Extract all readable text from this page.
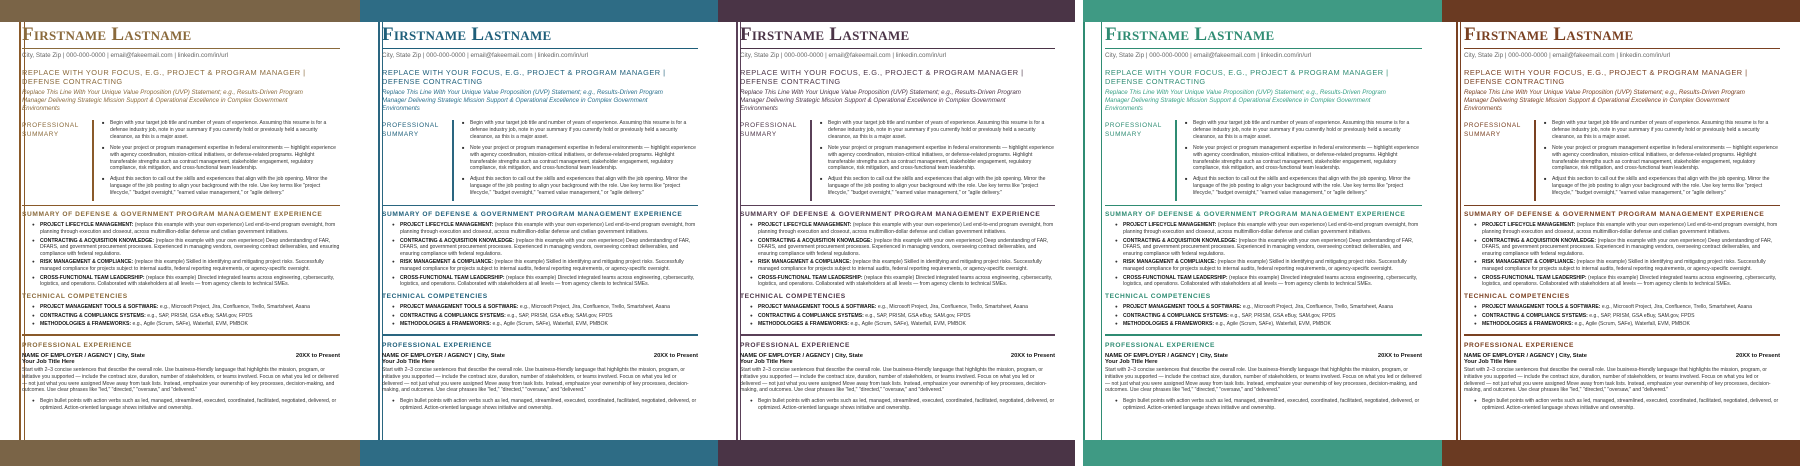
Firstname Lastname
City, State Zip | 000-000-0000 | email@fakeemail.com | linkedin.com/in/url
REPLACE WITH YOUR FOCUS, E.G., PROJECT & PROGRAM MANAGER | DEFENSE CONTRACTING
Replace This Line With Your Unique Value Proposition (UVP) Statement; e.g., Results-Driven Program Manager Delivering Strategic Mission Support & Operational Excellence in Complex Government Environments
PROFESSIONAL SUMMARY
■ Begin with your target job title and number of years of experience. Assuming this resume is for a defense industry job, note in your summary if you currently hold or previously held a security clearance, as this is a major asset.
■ Note your project or program management expertise in federal environments — highlight experience with agency coordination, mission-critical initiatives, or defense-related programs. Highlight transferable strengths such as contract management, stakeholder engagement, regulatory compliance, risk mitigation, and cross-functional team leadership.
■ Adjust this section to call out the skills and experiences that align with the job opening. Mirror the language of the job posting to align your background with the role. Use key terms like "project lifecycle," "budget oversight," "earned value management," or "agile delivery."
SUMMARY OF DEFENSE & GOVERNMENT PROGRAM MANAGEMENT EXPERIENCE
● PROJECT LIFECYCLE MANAGEMENT: (replace this example with your own experience) Led end-to-end program oversight, from planning through execution and closeout, across multimillion-dollar defense and civilian government initiatives.
● CONTRACTING & ACQUISITION KNOWLEDGE: (replace this example with your own experience) Deep understanding of FAR, DFARS, and government procurement processes. Experienced in managing vendors, overseeing contract deliverables, and ensuring compliance with federal regulations.
● RISK MANAGEMENT & COMPLIANCE: (replace this example) Skilled in identifying and mitigating project risks. Successfully managed compliance for projects subject to internal audits, federal reporting requirements, or agency-specific oversight.
● CROSS-FUNCTIONAL TEAM LEADERSHIP: (replace this example) Directed integrated teams across engineering, cybersecurity, logistics, and operations. Collaborated with stakeholders at all levels — from agency clients to technical SMEs.
TECHNICAL COMPETENCIES
● PROJECT MANAGEMENT TOOLS & SOFTWARE: e.g., Microsoft Project, Jira, Confluence, Trello, Smartsheet, Asana
● CONTRACTING & COMPLIANCE SYSTEMS: e.g., SAP, PRISM, GSA eBuy, SAM.gov, FPDS
● METHODOLOGIES & FRAMEWORKS: e.g., Agile (Scrum, SAFe), Waterfall, EVM, PMBOK
PROFESSIONAL EXPERIENCE
NAME OF EMPLOYER / AGENCY | City, State	20XX to Present
Your Job Title Here
Start with 2–3 concise sentences that describe the overall role. Use business-friendly language that highlights the mission, program, or initiative you supported — include the contract size, duration, number of stakeholders, or teams involved. Focus on what you led or delivered — not just what you were assigned Move away from task lists. Instead, emphasize your ownership of key processes, decision-making, and outcomes. Use clear phrases like "led," "directed," "oversaw," and "delivered."
● Begin bullet points with action verbs such as led, managed, streamlined, executed, coordinated, facilitated, negotiated, delivered, or optimized. Action-oriented language shows initiative and ownership.
Firstname Lastname
City, State Zip | 000-000-0000 | email@fakeemail.com | linkedin.com/in/url
REPLACE WITH YOUR FOCUS, E.G., PROJECT & PROGRAM MANAGER | DEFENSE CONTRACTING
Replace This Line With Your Unique Value Proposition (UVP) Statement; e.g., Results-Driven Program Manager Delivering Strategic Mission Support & Operational Excellence in Complex Government Environments
PROFESSIONAL SUMMARY
■ Begin with your target job title and number of years of experience. Assuming this resume is for a defense industry job, note in your summary if you currently hold or previously held a security clearance, as this is a major asset.
■ Note your project or program management expertise in federal environments — highlight experience with agency coordination, mission-critical initiatives, or defense-related programs. Highlight transferable strengths such as contract management, stakeholder engagement, regulatory compliance, risk mitigation, and cross-functional team leadership.
■ Adjust this section to call out the skills and experiences that align with the job opening. Mirror the language of the job posting to align your background with the role. Use key terms like "project lifecycle," "budget oversight," "earned value management," or "agile delivery."
SUMMARY OF DEFENSE & GOVERNMENT PROGRAM MANAGEMENT EXPERIENCE
● PROJECT LIFECYCLE MANAGEMENT: (replace this example with your own experience) Led end-to-end program oversight, from planning through execution and closeout, across multimillion-dollar defense and civilian government initiatives.
● CONTRACTING & ACQUISITION KNOWLEDGE: (replace this example with your own experience) Deep understanding of FAR, DFARS, and government procurement processes. Experienced in managing vendors, overseeing contract deliverables, and ensuring compliance with federal regulations.
● RISK MANAGEMENT & COMPLIANCE: (replace this example) Skilled in identifying and mitigating project risks. Successfully managed compliance for projects subject to internal audits, federal reporting requirements, or agency-specific oversight.
● CROSS-FUNCTIONAL TEAM LEADERSHIP: (replace this example) Directed integrated teams across engineering, cybersecurity, logistics, and operations. Collaborated with stakeholders at all levels — from agency clients to technical SMEs.
TECHNICAL COMPETENCIES
● PROJECT MANAGEMENT TOOLS & SOFTWARE: e.g., Microsoft Project, Jira, Confluence, Trello, Smartsheet, Asana
● CONTRACTING & COMPLIANCE SYSTEMS: e.g., SAP, PRISM, GSA eBuy, SAM.gov, FPDS
● METHODOLOGIES & FRAMEWORKS: e.g., Agile (Scrum, SAFe), Waterfall, EVM, PMBOK
PROFESSIONAL EXPERIENCE
NAME OF EMPLOYER / AGENCY | City, State	20XX to Present
Your Job Title Here
Start with 2–3 concise sentences that describe the overall role. Use business-friendly language that highlights the mission, program, or initiative you supported — include the contract size, duration, number of stakeholders, or teams involved. Focus on what you led or delivered — not just what you were assigned Move away from task lists. Instead, emphasize your ownership of key processes, decision-making, and outcomes. Use clear phrases like "led," "directed," "oversaw," and "delivered."
● Begin bullet points with action verbs such as led, managed, streamlined, executed, coordinated, facilitated, negotiated, delivered, or optimized. Action-oriented language shows initiative and ownership.
Firstname Lastname
City, State Zip | 000-000-0000 | email@fakeemail.com | linkedin.com/in/url
REPLACE WITH YOUR FOCUS, E.G., PROJECT & PROGRAM MANAGER | DEFENSE CONTRACTING
Replace This Line With Your Unique Value Proposition (UVP) Statement; e.g., Results-Driven Program Manager Delivering Strategic Mission Support & Operational Excellence in Complex Government Environments
PROFESSIONAL SUMMARY
■ Begin with your target job title and number of years of experience. Assuming this resume is for a defense industry job, note in your summary if you currently hold or previously held a security clearance, as this is a major asset.
■ Note your project or program management expertise in federal environments — highlight experience with agency coordination, mission-critical initiatives, or defense-related programs. Highlight transferable strengths such as contract management, stakeholder engagement, regulatory compliance, risk mitigation, and cross-functional team leadership.
■ Adjust this section to call out the skills and experiences that align with the job opening. Mirror the language of the job posting to align your background with the role. Use key terms like "project lifecycle," "budget oversight," "earned value management," or "agile delivery."
SUMMARY OF DEFENSE & GOVERNMENT PROGRAM MANAGEMENT EXPERIENCE
● PROJECT LIFECYCLE MANAGEMENT: (replace this example with your own experience) Led end-to-end program oversight, from planning through execution and closeout, across multimillion-dollar defense and civilian government initiatives.
● CONTRACTING & ACQUISITION KNOWLEDGE: (replace this example with your own experience) Deep understanding of FAR, DFARS, and government procurement processes. Experienced in managing vendors, overseeing contract deliverables, and ensuring compliance with federal regulations.
● RISK MANAGEMENT & COMPLIANCE: (replace this example) Skilled in identifying and mitigating project risks. Successfully managed compliance for projects subject to internal audits, federal reporting requirements, or agency-specific oversight.
● CROSS-FUNCTIONAL TEAM LEADERSHIP: (replace this example) Directed integrated teams across engineering, cybersecurity, logistics, and operations. Collaborated with stakeholders at all levels — from agency clients to technical SMEs.
TECHNICAL COMPETENCIES
● PROJECT MANAGEMENT TOOLS & SOFTWARE: e.g., Microsoft Project, Jira, Confluence, Trello, Smartsheet, Asana
● CONTRACTING & COMPLIANCE SYSTEMS: e.g., SAP, PRISM, GSA eBuy, SAM.gov, FPDS
● METHODOLOGIES & FRAMEWORKS: e.g., Agile (Scrum, SAFe), Waterfall, EVM, PMBOK
PROFESSIONAL EXPERIENCE
NAME OF EMPLOYER / AGENCY | City, State	20XX to Present
Your Job Title Here
Start with 2–3 concise sentences that describe the overall role. Use business-friendly language that highlights the mission, program, or initiative you supported — include the contract size, duration, number of stakeholders, or teams involved. Focus on what you led or delivered — not just what you were assigned Move away from task lists. Instead, emphasize your ownership of key processes, decision-making, and outcomes. Use clear phrases like "led," "directed," "oversaw," and "delivered."
● Begin bullet points with action verbs such as led, managed, streamlined, executed, coordinated, facilitated, negotiated, delivered, or optimized. Action-oriented language shows initiative and ownership.
Firstname Lastname
City, State Zip | 000-000-0000 | email@fakeemail.com | linkedin.com/in/url
REPLACE WITH YOUR FOCUS, E.G., PROJECT & PROGRAM MANAGER | DEFENSE CONTRACTING
Replace This Line With Your Unique Value Proposition (UVP) Statement; e.g., Results-Driven Program Manager Delivering Strategic Mission Support & Operational Excellence in Complex Government Environments
PROFESSIONAL SUMMARY
■ Begin with your target job title and number of years of experience. Assuming this resume is for a defense industry job, note in your summary if you currently hold or previously held a security clearance, as this is a major asset.
■ Note your project or program management expertise in federal environments — highlight experience with agency coordination, mission-critical initiatives, or defense-related programs. Highlight transferable strengths such as contract management, stakeholder engagement, regulatory compliance, risk mitigation, and cross-functional team leadership.
■ Adjust this section to call out the skills and experiences that align with the job opening. Mirror the language of the job posting to align your background with the role. Use key terms like "project lifecycle," "budget oversight," "earned value management," or "agile delivery."
SUMMARY OF DEFENSE & GOVERNMENT PROGRAM MANAGEMENT EXPERIENCE
● PROJECT LIFECYCLE MANAGEMENT: (replace this example with your own experience) Led end-to-end program oversight, from planning through execution and closeout, across multimillion-dollar defense and civilian government initiatives.
● CONTRACTING & ACQUISITION KNOWLEDGE: (replace this example with your own experience) Deep understanding of FAR, DFARS, and government procurement processes. Experienced in managing vendors, overseeing contract deliverables, and ensuring compliance with federal regulations.
● RISK MANAGEMENT & COMPLIANCE: (replace this example) Skilled in identifying and mitigating project risks. Successfully managed compliance for projects subject to internal audits, federal reporting requirements, or agency-specific oversight.
● CROSS-FUNCTIONAL TEAM LEADERSHIP: (replace this example) Directed integrated teams across engineering, cybersecurity, logistics, and operations. Collaborated with stakeholders at all levels — from agency clients to technical SMEs.
TECHNICAL COMPETENCIES
● PROJECT MANAGEMENT TOOLS & SOFTWARE: e.g., Microsoft Project, Jira, Confluence, Trello, Smartsheet, Asana
● CONTRACTING & COMPLIANCE SYSTEMS: e.g., SAP, PRISM, GSA eBuy, SAM.gov, FPDS
● METHODOLOGIES & FRAMEWORKS: e.g., Agile (Scrum, SAFe), Waterfall, EVM, PMBOK
PROFESSIONAL EXPERIENCE
NAME OF EMPLOYER / AGENCY | City, State	20XX to Present
Your Job Title Here
Start with 2–3 concise sentences that describe the overall role. Use business-friendly language that highlights the mission, program, or initiative you supported — include the contract size, duration, number of stakeholders, or teams involved. Focus on what you led or delivered — not just what you were assigned Move away from task lists. Instead, emphasize your ownership of key processes, decision-making, and outcomes. Use clear phrases like "led," "directed," "oversaw," and "delivered."
● Begin bullet points with action verbs such as led, managed, streamlined, executed, coordinated, facilitated, negotiated, delivered, or optimized. Action-oriented language shows initiative and ownership.
Firstname Lastname
City, State Zip | 000-000-0000 | email@fakeemail.com | linkedin.com/in/url
REPLACE WITH YOUR FOCUS, E.G., PROJECT & PROGRAM MANAGER | DEFENSE CONTRACTING
Replace This Line With Your Unique Value Proposition (UVP) Statement; e.g., Results-Driven Program Manager Delivering Strategic Mission Support & Operational Excellence in Complex Government Environments
PROFESSIONAL SUMMARY
■ Begin with your target job title and number of years of experience. Assuming this resume is for a defense industry job, note in your summary if you currently hold or previously held a security clearance, as this is a major asset.
■ Note your project or program management expertise in federal environments — highlight experience with agency coordination, mission-critical initiatives, or defense-related programs. Highlight transferable strengths such as contract management, stakeholder engagement, regulatory compliance, risk mitigation, and cross-functional team leadership.
■ Adjust this section to call out the skills and experiences that align with the job opening. Mirror the language of the job posting to align your background with the role. Use key terms like "project lifecycle," "budget oversight," "earned value management," or "agile delivery."
SUMMARY OF DEFENSE & GOVERNMENT PROGRAM MANAGEMENT EXPERIENCE
● PROJECT LIFECYCLE MANAGEMENT: (replace this example with your own experience) Led end-to-end program oversight, from planning through execution and closeout, across multimillion-dollar defense and civilian government initiatives.
● CONTRACTING & ACQUISITION KNOWLEDGE: (replace this example with your own experience) Deep understanding of FAR, DFARS, and government procurement processes. Experienced in managing vendors, overseeing contract deliverables, and ensuring compliance with federal regulations.
● RISK MANAGEMENT & COMPLIANCE: (replace this example) Skilled in identifying and mitigating project risks. Successfully managed compliance for projects subject to internal audits, federal reporting requirements, or agency-specific oversight.
● CROSS-FUNCTIONAL TEAM LEADERSHIP: (replace this example) Directed integrated teams across engineering, cybersecurity, logistics, and operations. Collaborated with stakeholders at all levels — from agency clients to technical SMEs.
TECHNICAL COMPETENCIES
● PROJECT MANAGEMENT TOOLS & SOFTWARE: e.g., Microsoft Project, Jira, Confluence, Trello, Smartsheet, Asana
● CONTRACTING & COMPLIANCE SYSTEMS: e.g., SAP, PRISM, GSA eBuy, SAM.gov, FPDS
● METHODOLOGIES & FRAMEWORKS: e.g., Agile (Scrum, SAFe), Waterfall, EVM, PMBOK
PROFESSIONAL EXPERIENCE
NAME OF EMPLOYER / AGENCY | City, State	20XX to Present
Your Job Title Here
Start with 2–3 concise sentences that describe the overall role. Use business-friendly language that highlights the mission, program, or initiative you supported — include the contract size, duration, number of stakeholders, or teams involved. Focus on what you led or delivered — not just what you were assigned Move away from task lists. Instead, emphasize your ownership of key processes, decision-making, and outcomes. Use clear phrases like "led," "directed," "oversaw," and "delivered."
● Begin bullet points with action verbs such as led, managed, streamlined, executed, coordinated, facilitated, negotiated, delivered, or optimized. Action-oriented language shows initiative and ownership.
